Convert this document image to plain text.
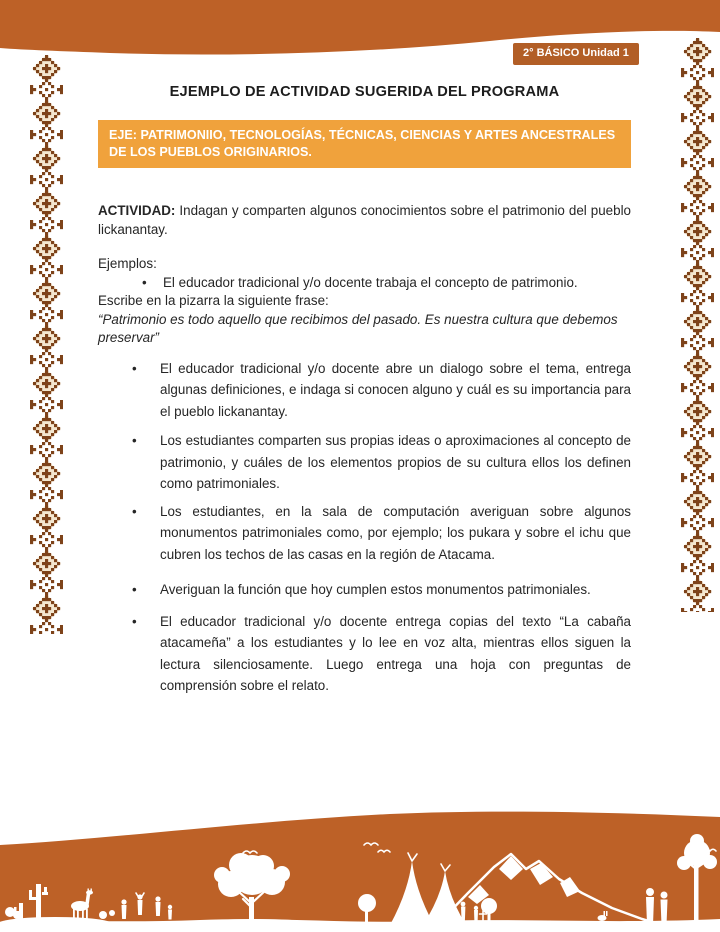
2° BÁSICO Unidad 1
EJEMPLO DE ACTIVIDAD SUGERIDA DEL PROGRAMA
EJE: PATRIMONIIO, TECNOLOGÍAS, TÉCNICAS, CIENCIAS Y ARTES ANCESTRALES DE LOS PUEBLOS ORIGINARIOS.

ACTIVIDAD: Indagan y comparten algunos conocimientos sobre el patrimonio del pueblo lickanantay.

Ejemplos:
• El educador tradicional y/o docente trabaja el concepto de patrimonio.
Escribe en la pizarra la siguiente frase:
“Patrimonio es todo aquello que recibimos del pasado. Es nuestra cultura que debemos preservar”
• El educador tradicional y/o docente abre un dialogo sobre el tema, entrega algunas definiciones, e indaga si conocen alguno y cuál es su importancia para el pueblo lickanantay.
• Los estudiantes comparten sus propias ideas o aproximaciones al concepto de patrimonio, y cuáles de los elementos propios de su cultura ellos los definen como patrimoniales.
• Los estudiantes, en la sala de computación averiguan sobre algunos monumentos patrimoniales como, por ejemplo; los pukara y sobre el ichu que cubren los techos de las casas en la región de Atacama.
• Averiguan la función que hoy cumplen estos monumentos patrimoniales.
• El educador tradicional y/o docente entrega copias del texto “La cabaña atacameña” a los estudiantes y lo lee en voz alta, mientras ellos siguen la lectura silenciosamente. Luego entrega una hoja con preguntas de comprensión sobre el relato.
